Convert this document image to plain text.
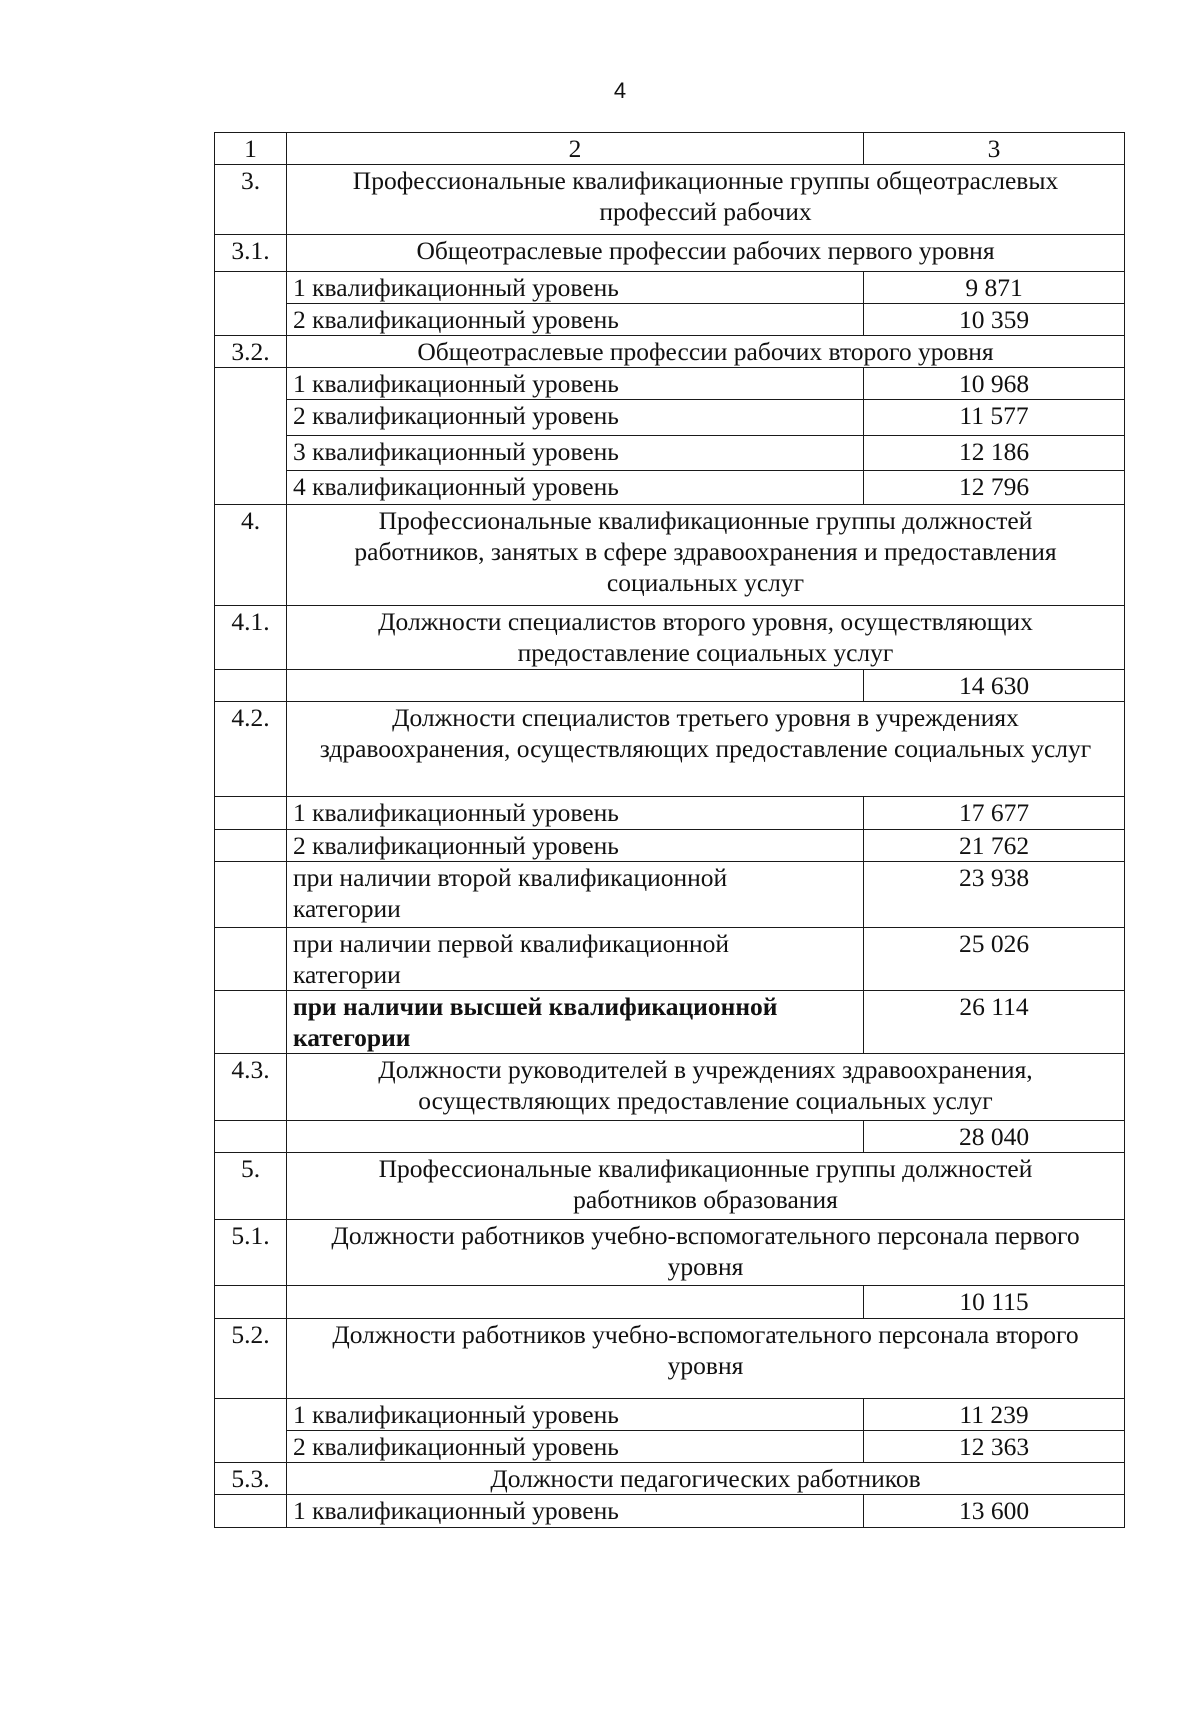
4
1	2	3
3.	Профессиональные квалификационные группы общеотраслевых профессий рабочих	
3.1.	Общеотраслевые профессии рабочих первого уровня	
	1 квалификационный уровень	9 871
	2 квалификационный уровень	10 359
3.2.	Общеотраслевые профессии рабочих второго уровня	
	1 квалификационный уровень	10 968
	2 квалификационный уровень	11 577
	3 квалификационный уровень	12 186
	4 квалификационный уровень	12 796
4.	Профессиональные квалификационные группы должностей работников, занятых в сфере здравоохранения и предоставления социальных услуг	
4.1.	Должности специалистов второго уровня, осуществляющих предоставление социальных услуг	
		14 630
4.2.	Должности специалистов третьего уровня в учреждениях здравоохранения, осуществляющих предоставление социальных услуг	
	1 квалификационный уровень	17 677
	2 квалификационный уровень	21 762
	при наличии второй квалификационной категории	23 938
	при наличии первой квалификационной категории	25 026
	при наличии высшей квалификационной категории	26 114
4.3.	Должности руководителей в учреждениях здравоохранения, осуществляющих предоставление социальных услуг	
		28 040
5.	Профессиональные квалификационные группы должностей работников образования	
5.1.	Должности работников учебно-вспомогательного персонала первого уровня	
		10 115
5.2.	Должности работников учебно-вспомогательного персонала второго уровня	
	1 квалификационный уровень	11 239
	2 квалификационный уровень	12 363
5.3.	Должности педагогических работников	
	1 квалификационный уровень	13 600
